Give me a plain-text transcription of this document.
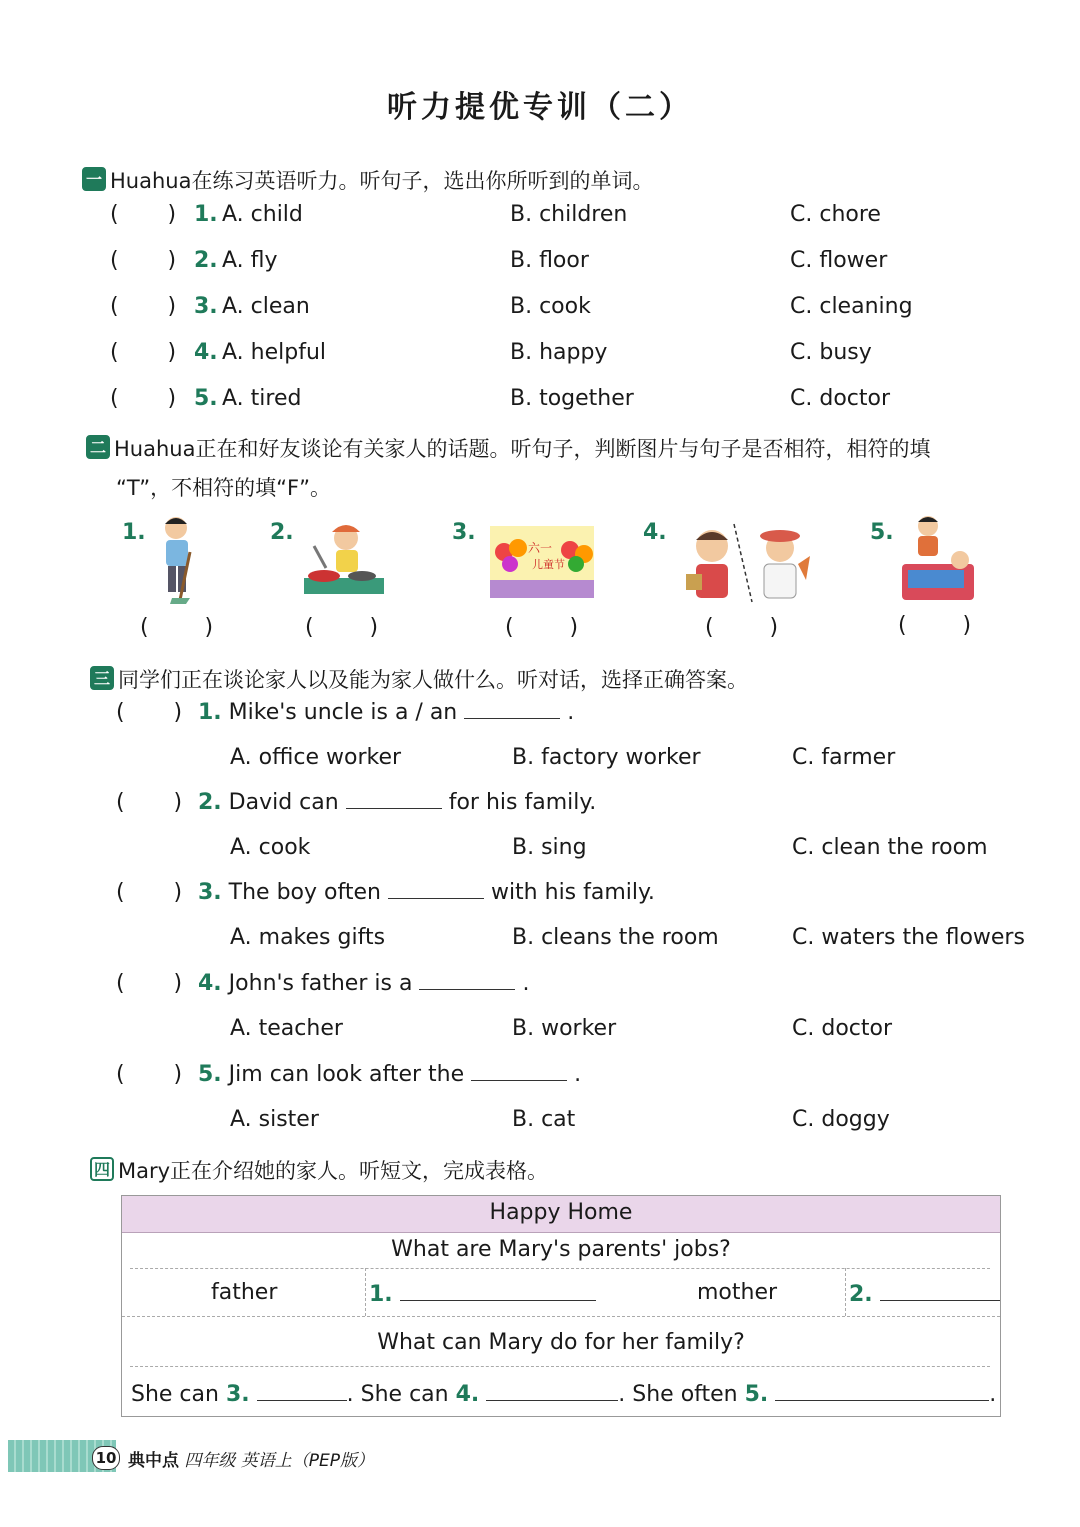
听力提优专训（二）
一 Huahua在练习英语听力。听句子，选出你所听到的单词。
(       ) 1. A. child	B. children	C. chore
(       ) 2. A. fly	B. floor	C. flower
(       ) 3. A. clean	B. cook	C. cleaning
(       ) 4. A. helpful	B. happy	C. busy
(       ) 5. A. tired	B. together	C. doctor
二 Huahua正在和好友谈论有关家人的话题。听句子，判断图片与句子是否相符，相符的填
“T”，不相符的填“F”。
1.
(        )
2.
(        )
3.
六一
儿童节
(        )
4.
(        )
5.
(        )
三 同学们正在谈论家人以及能为家人做什么。听对话，选择正确答案。
(       ) 1. Mike's uncle is a / an	.
A. office worker	B. factory worker	C. farmer
(       ) 2. David can	for his family.
A. cook	B. sing	C. clean the room
(       ) 3. The boy often	with his family.
A. makes gifts	B. cleans the room	C. waters the flowers
(       ) 4. John's father is a	.
A. teacher	B. worker	C. doctor
(       ) 5. Jim can look after the	.
A. sister	B. cat	C. doggy
四 Mary正在介绍她的家人。听短文，完成表格。
Happy Home
What are Mary's parents' jobs?
father	1.	mother	2.
What can Mary do for her family?
She can 3.	. She can 4.	. She often 5.	.
10 典中点 四年级 英语上（PEP版）
